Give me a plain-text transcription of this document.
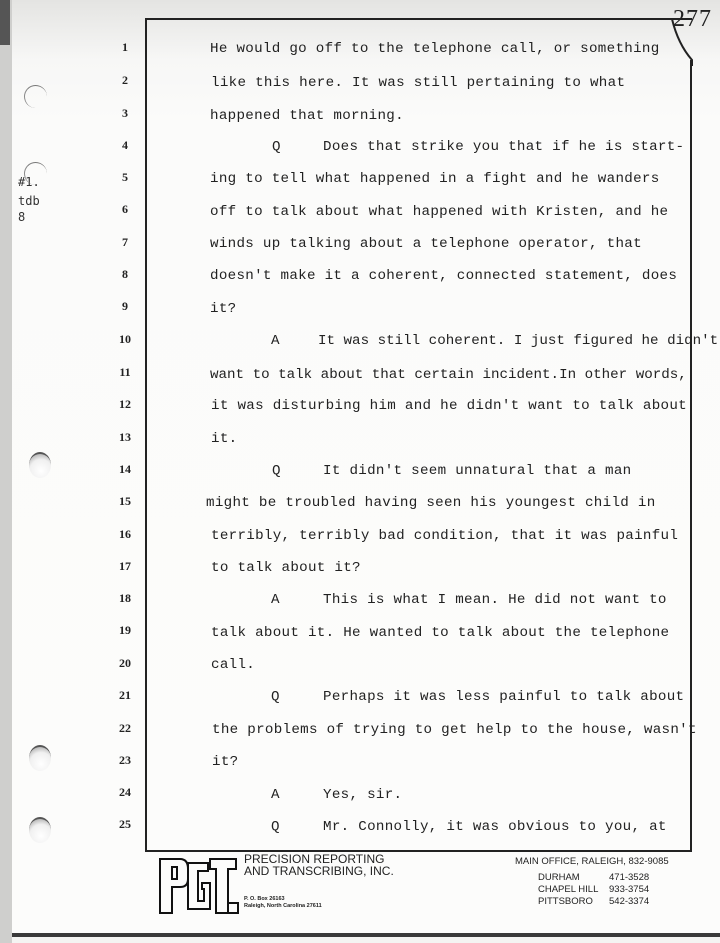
277
#1.
tdb
8
1
2
3
4
5
6
7
8
9
10
11
12
13
14
15
16
17
18
19
20
21
22
23
24
25
He would go off to the telephone call, or something
like this here. It was still pertaining to what
happened that morning.
Q	Does that strike you that if he is start-
ing to tell what happened in a fight and he wanders
off to talk about what happened with Kristen, and he
winds up talking about a telephone operator, that
doesn't make it a coherent, connected statement, does
it?
A	It was still coherent. I just figured he didn't
want to talk about that certain incident.In other words,
it was disturbing him and he didn't want to talk about
it.
Q	It didn't seem unnatural that a man
might be troubled having seen his youngest child in
terribly, terribly bad condition, that it was painful
to talk about it?
A	This is what I mean. He did not want to
talk about it. He wanted to talk about the telephone
call.
Q	Perhaps it was less painful to talk about
the problems of trying to get help to the house, wasn't
it?
A	Yes, sir.
Q	Mr. Connolly, it was obvious to you, at
PRECISION REPORTING
AND TRANSCRIBING, INC.
P. O. Box 26163
Raleigh, North Carolina 27611
MAIN OFFICE, RALEIGH, 832-9085
DURHAM	471-3528
CHAPEL HILL 933-3754
PITTSBORO 542-3374
